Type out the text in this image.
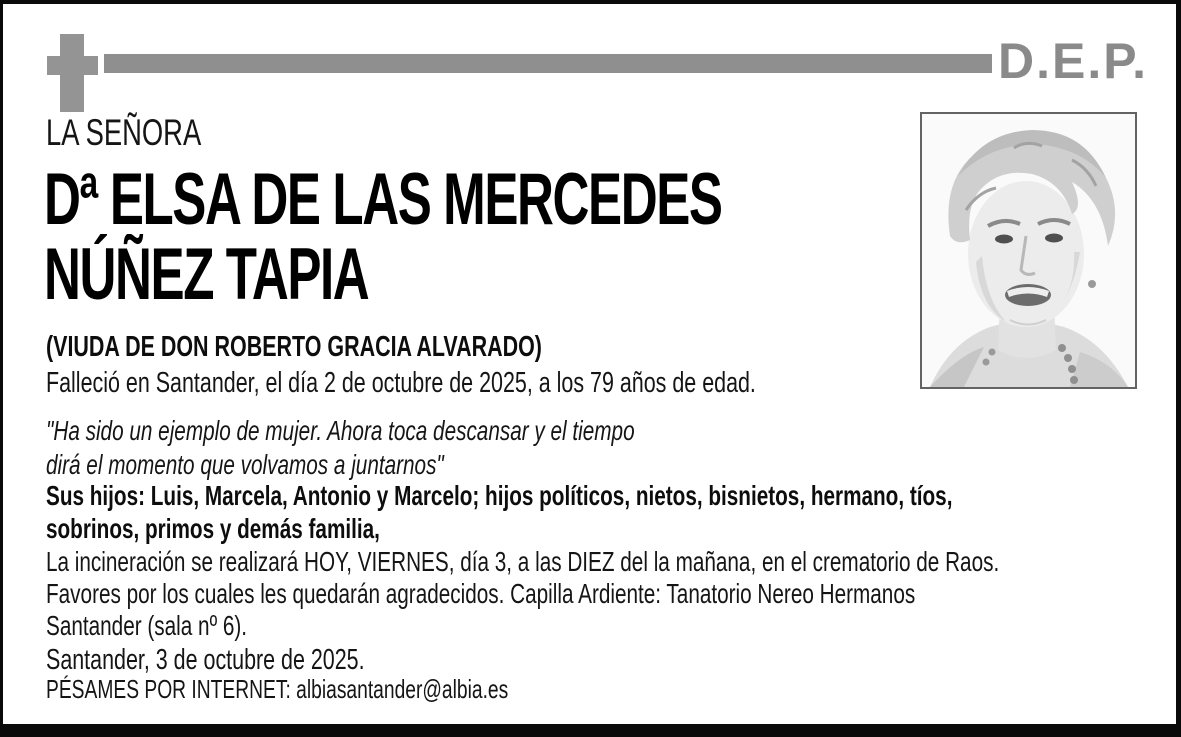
D.E.P.
LA SEÑORA
Dª ELSA DE LAS MERCEDES
NÚÑEZ TAPIA
(VIUDA DE DON ROBERTO GRACIA ALVARADO)
Falleció en Santander, el día 2 de octubre de 2025, a los 79 años de edad.
"Ha sido un ejemplo de mujer. Ahora toca descansar y el tiempo
dirá el momento que volvamos a juntarnos"
Sus hijos: Luis, Marcela, Antonio y Marcelo; hijos políticos, nietos, bisnietos, hermano, tíos,
sobrinos, primos y demás familia,
La incineración se realizará HOY, VIERNES, día 3, a las DIEZ del la mañana, en el crematorio de Raos.
Favores por los cuales les quedarán agradecidos. Capilla Ardiente: Tanatorio Nereo Hermanos
Santander (sala nº 6).
Santander, 3 de octubre de 2025.
PÉSAMES POR INTERNET: albiasantander@albia.es
